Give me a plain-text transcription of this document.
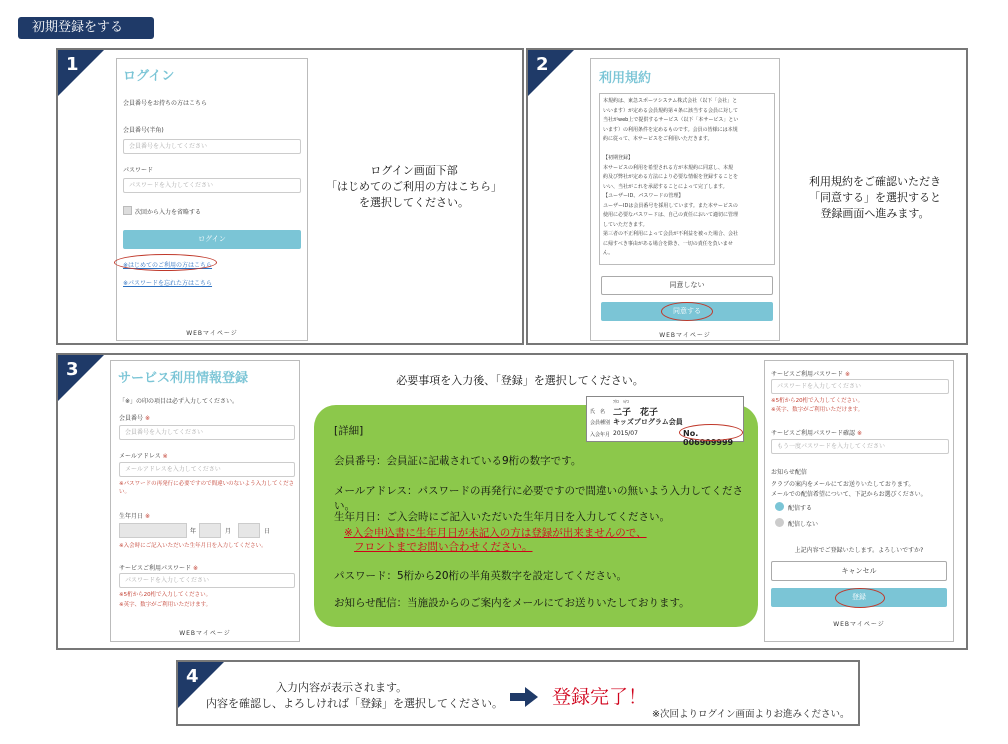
初期登録をする
1
ログイン
会員番号をお持ちの方はこちら
会員番号(半角)
会員番号を入力してください
パスワード
パスワードを入力してください
次回から入力を省略する
ログイン
※はじめてのご利用の方はこちら
※パスワードを忘れた方はこちら
WEBマイページ
ログイン画面下部
「はじめてのご利用の方はこちら」
を選択してください。
2
利用規約
本規約は、東急スポーツシステム株式会社（以下「会社」と
いいます）が定める会員規約第４条に該当する会員に対して
当社がweb上で提供するサービス（以下「本サービス」とい
います）の利用条件を定めるものです。会員の皆様には本規
約に従って、本サービスをご利用いただきます。
【初期登録】
本サービスの利用を希望される方が本規約に同意し、本規
約及び弊社が定める方法により必要な情報を登録することを
いい、当社がこれを承認することによって完了します。
【ユーザーID、パスワードの管理】
ユーザーIDは会員番号を採用しています。また本サービスの
使用に必要なパスワードは、自己の責任において適切に管理
していただきます。
第三者の不正利用によって会員が不利益を被った場合、会社
に帰すべき事由がある場合を除き、一切の責任を負いませ
ん。
同意しない
同意する
WEBマイページ
利用規約をご確認いただき
「同意する」を選択すると
登録画面へ進みます。
3	サービス利用情報登録
「※」の印の項目は必ず入力してください。
会員番号 ※
会員番号を入力してください
メールアドレス ※
メールアドレスを入力してください
※パスワードの再発行に必要ですので間違いのないよう入力してください。
生年月日 ※
年	月	日
※入会時にご記入いただいた生年月日を入力してください。
サービスご利用パスワード ※
パスワードを入力してください
※5桁から20桁で入力してください。
※英字、数字がご利用いただけます。
WEBマイページ
必要事項を入力後、「登録」を選択してください。
[詳細]
会員番号：会員証に記載されている9桁の数字です。
メールアドレス：パスワードの再発行に必要ですので間違いの無いよう入力してください。
生年月日：ご入会時にご記入いただいた生年月日を入力してください。
※入会申込書に生年月日が未記入の方は登録が出来ませんので、
フロントまでお問い合わせください。
パスワード：5桁から20桁の半角英数字を設定してください。
お知らせ配信：当施設からのご案内をメールにてお送りいたしております。
ﾌﾀｺ　ﾊﾅｺ
氏　名 二子　花子
会員種別 キッズプログラム会員
入会年月 2015/07	No. 006909999
サービスご利用パスワード ※
パスワードを入力してください
※5桁から20桁で入力してください。
※英字、数字がご利用いただけます。
サービスご利用パスワード確認 ※
もう一度パスワードを入力してください
お知らせ配信
クラブの案内をメールにてお送りいたしております。
メールでの配信希望について、下記からお選びください。
配信する
配信しない
上記内容でご登録いたします。よろしいですか?
キャンセル
登録
WEBマイページ
4
入力内容が表示されます。
内容を確認し、よろしければ「登録」を選択してください。	登録完了！
※次回よりログイン画面よりお進みください。
